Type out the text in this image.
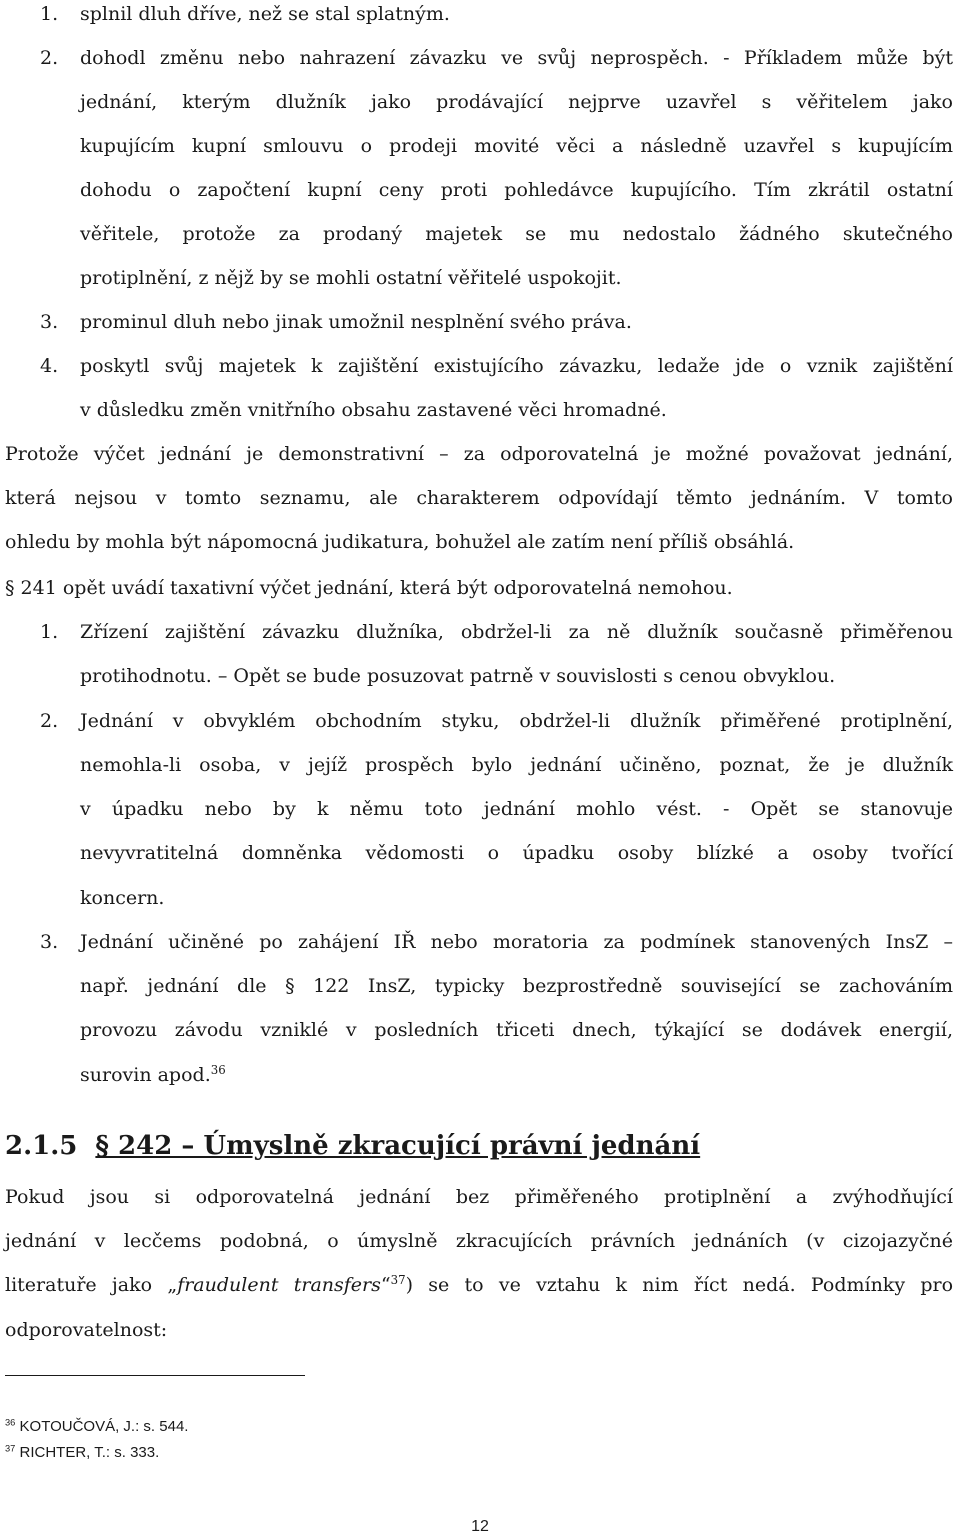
1. splnil dluh dříve, než se stal splatným.
2. dohodl změnu nebo nahrazení závazku ve svůj neprospěch. - Příkladem může být
jednání, kterým dlužník jako prodávající nejprve uzavřel s věřitelem jako
kupujícím kupní smlouvu o prodeji movité věci a následně uzavřel s kupujícím
dohodu o započtení kupní ceny proti pohledávce kupujícího. Tím zkrátil ostatní
věřitele, protože za prodaný majetek se mu nedostalo žádného skutečného
protiplnění, z nějž by se mohli ostatní věřitelé uspokojit.
3. prominul dluh nebo jinak umožnil nesplnění svého práva.
4. poskytl svůj majetek k zajištění existujícího závazku, ledaže jde o vznik zajištění
v důsledku změn vnitřního obsahu zastavené věci hromadné.
Protože výčet jednání je demonstrativní – za odporovatelná je možné považovat jednání,
která nejsou v tomto seznamu, ale charakterem odpovídají těmto jednáním. V tomto
ohledu by mohla být nápomocná judikatura, bohužel ale zatím není příliš obsáhlá.
§ 241 opět uvádí taxativní výčet jednání, která být odporovatelná nemohou.
1. Zřízení zajištění závazku dlužníka, obdržel-li za ně dlužník současně přiměřenou
protihodnotu. – Opět se bude posuzovat patrně v souvislosti s cenou obvyklou.
2. Jednání v obvyklém obchodním styku, obdržel-li dlužník přiměřené protiplnění,
nemohla-li osoba, v jejíž prospěch bylo jednání učiněno, poznat, že je dlužník
v úpadku nebo by k němu toto jednání mohlo vést. - Opět se stanovuje
nevyvratitelná domněnka vědomosti o úpadku osoby blízké a osoby tvořící
koncern.
3. Jednání učiněné po zahájení IŘ nebo moratoria za podmínek stanovených InsZ –
např. jednání dle § 122 InsZ, typicky bezprostředně související se zachováním
provozu závodu vzniklé v posledních třiceti dnech, týkající se dodávek energií,
surovin apod.$^{36}$
2.1.5 § 242 – Úmyslně zkracující právní jednání
Pokud jsou si odporovatelná jednání bez přiměřeného protiplnění a zvýhodňující
jednání v lecčems podobná, o úmyslně zkracujících právních jednáních (v cizojazyčné
literatuře jako „fraudulent transfers“$^{37}$) se to ve vztahu k nim říct nedá. Podmínky pro
odporovatelnost:
$^{36}$ KOTOUČOVÁ, J.: s. 544.
$^{37}$ RICHTER, T.: s. 333.
12
